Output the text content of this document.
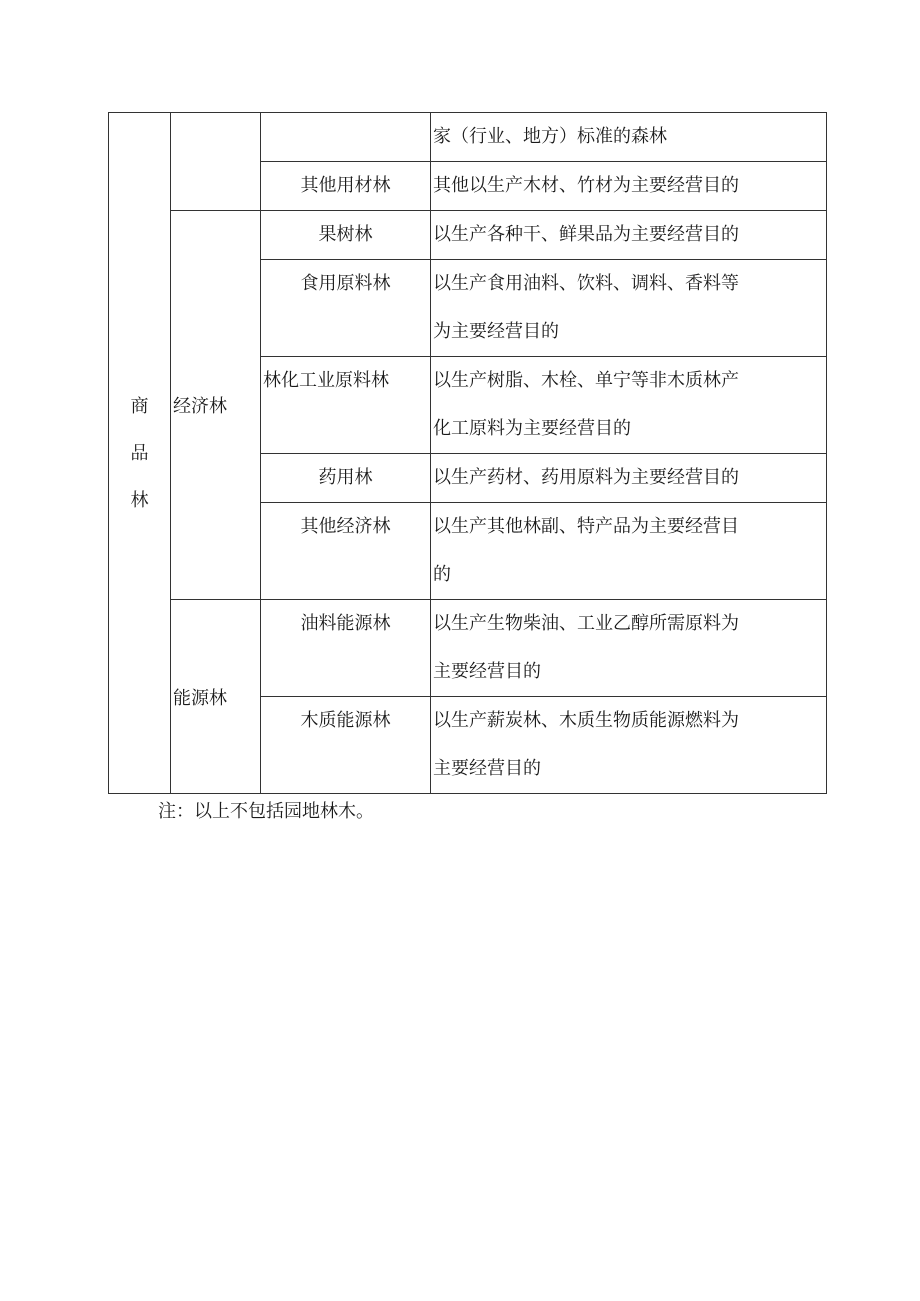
商品林			家（行业、地方）标准的森林

		其他用材林	其他以生产木材、竹材为主要经营目的

	经济林	果树林	以生产各种干、鲜果品为主要经营目的

		食用原料林	以生产食用油料、饮料、调料、香料等
为主要经营目的

		林化工业原料林	以生产树脂、木栓、单宁等非木质林产
化工原料为主要经营目的

		药用林	以生产药材、药用原料为主要经营目的

		其他经济林	以生产其他林副、特产品为主要经营目
的

	能源林	油料能源林	以生产生物柴油、工业乙醇所需原料为
主要经营目的

		木质能源林	以生产薪炭林、木质生物质能源燃料为
主要经营目的
注：以上不包括园地林木。
